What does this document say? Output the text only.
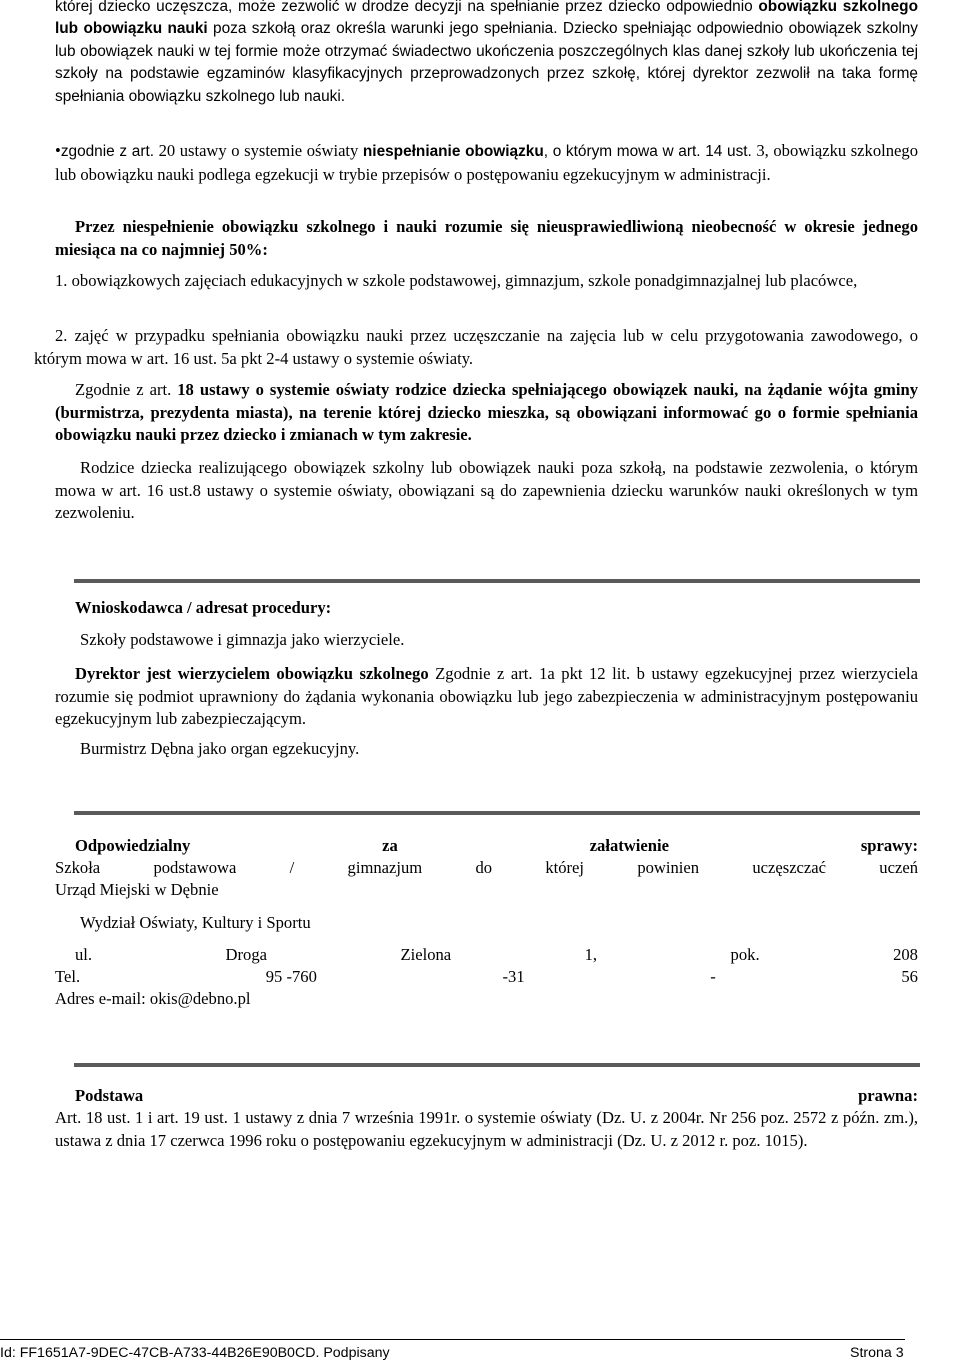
której dziecko uczęszcza, może zezwolić w drodze decyzji na spełnianie przez dziecko odpowiednio obowiązku szkolnego lub obowiązku nauki poza szkołą oraz określa warunki jego spełniania. Dziecko spełniając odpowiednio obowiązek szkolny lub obowiązek nauki w tej formie może otrzymać świadectwo ukończenia poszczególnych klas danej szkoły lub ukończenia tej szkoły na podstawie egzaminów klasyfikacyjnych przeprowadzonych przez szkołę, której dyrektor zezwolił na taka formę spełniania obowiązku szkolnego lub nauki.
•zgodnie z art. 20 ustawy o systemie oświaty niespełnianie obowiązku, o którym mowa w art. 14 ust. 3, obowiązku szkolnego lub obowiązku nauki podlega egzekucji w trybie przepisów o postępowaniu egzekucyjnym w administracji.
Przez niespełnienie obowiązku szkolnego i nauki rozumie się nieusprawiedliwioną nieobecność w okresie jednego miesiąca na co najmniej 50%:
1. obowiązkowych zajęciach edukacyjnych w szkole podstawowej, gimnazjum, szkole ponadgimnazjalnej lub placówce,
2. zajęć w przypadku spełniania obowiązku nauki przez uczęszczanie na zajęcia lub w celu przygotowania zawodowego, o którym mowa w art. 16 ust. 5a pkt 2-4 ustawy o systemie oświaty.
Zgodnie z art. 18 ustawy o systemie oświaty rodzice dziecka spełniającego obowiązek nauki, na żądanie wójta gminy (burmistrza, prezydenta miasta), na terenie której dziecko mieszka, są obowiązani informować go o formie spełniania obowiązku nauki przez dziecko i zmianach w tym zakresie.
Rodzice dziecka realizującego obowiązek szkolny lub obowiązek nauki poza szkołą, na podstawie zezwolenia, o którym mowa w art. 16 ust.8 ustawy o systemie oświaty, obowiązani są do zapewnienia dziecku warunków nauki określonych w tym zezwoleniu.
Wnioskodawca / adresat procedury:
Szkoły podstawowe i gimnazja jako wierzyciele.
Dyrektor jest wierzycielem obowiązku szkolnego Zgodnie z art. 1a pkt 12 lit. b ustawy egzekucyjnej przez wierzyciela rozumie się podmiot uprawniony do żądania wykonania obowiązku lub jego zabezpieczenia w administracyjnym postępowaniu egzekucyjnym lub zabezpieczającym.
Burmistrz Dębna jako organ egzekucyjny.
Odpowiedzialny	za	załatwienie	sprawy:
Szkoła	podstawowa	/	gimnazjum	do	której	powinien	uczęszczać	uczeń
Urząd Miejski w Dębnie
Wydział Oświaty, Kultury i Sportu
ul.	Droga	Zielona	1,	pok.	208
Tel.	95 -760	-31	-	56
Adres e-mail: okis@debno.pl
Podstawa	prawna:
Art. 18 ust. 1 i art. 19 ust. 1 ustawy z dnia 7 września 1991r. o systemie oświaty (Dz. U. z 2004r. Nr 256 poz. 2572 z późn. zm.), ustawa z dnia 17 czerwca 1996 roku o postępowaniu egzekucyjnym w administracji (Dz. U. z 2012 r. poz. 1015).
Id: FF1651A7-9DEC-47CB-A733-44B26E90B0CD. Podpisany	Strona 3
